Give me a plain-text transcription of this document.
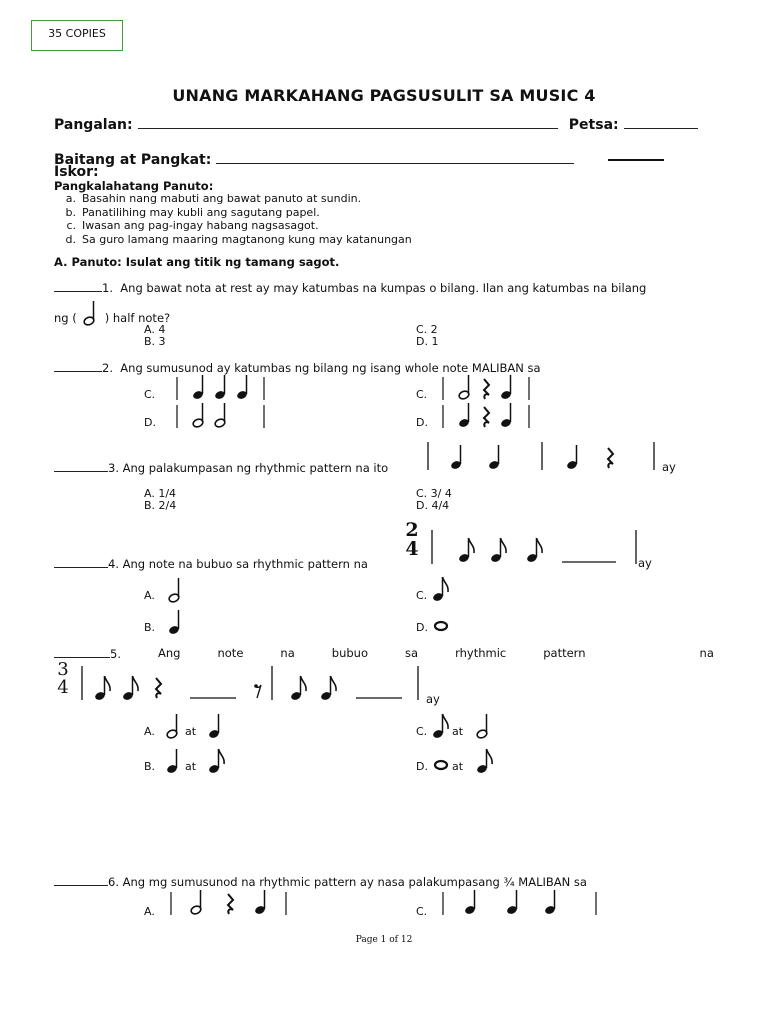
35 COPIES
UNANG MARKAHANG PAGSUSULIT SA MUSIC 4
Pangalan:	Petsa:
Baitang at Pangkat:
Iskor:
Pangkalahatang Panuto:
a. Basahin nang mabuti ang bawat panuto at sundin.
b. Panatilihing may kubli ang sagutang papel.
c. Iwasan ang pag-ingay habang nagsasagot.
d. Sa guro lamang maaring magtanong kung may katanungan
A. Panuto: Isulat ang titik ng tamang sagot.
1. Ang bawat nota at rest ay may katumbas na kumpas o bilang. Ilan ang katumbas na bilang
ng ( ) half note?
A. 4
B. 3
C. 2
D. 1
2. Ang sumusunod ay katumbas ng bilang ng isang whole note MALIBAN sa
C.
D.
C.
D.
3. Ang palakumpasan ng rhythmic pattern na ito	ay
A. 1/4
B. 2/4
C. 3/ 4
D. 4/4
4. Ang note na bubuo sa rhythmic pattern na
2
4
ay
A.
B.
C.
D.
5.	Ang	note	na	bubuo	sa	rhythmic	pattern	na
3
4
ay
A.	at
B.	at
C. at
D. at
6. Ang mg sumusunod na rhythmic pattern ay nasa palakumpasang ¾ MALIBAN sa
A.	C.
Page 1 of 12
